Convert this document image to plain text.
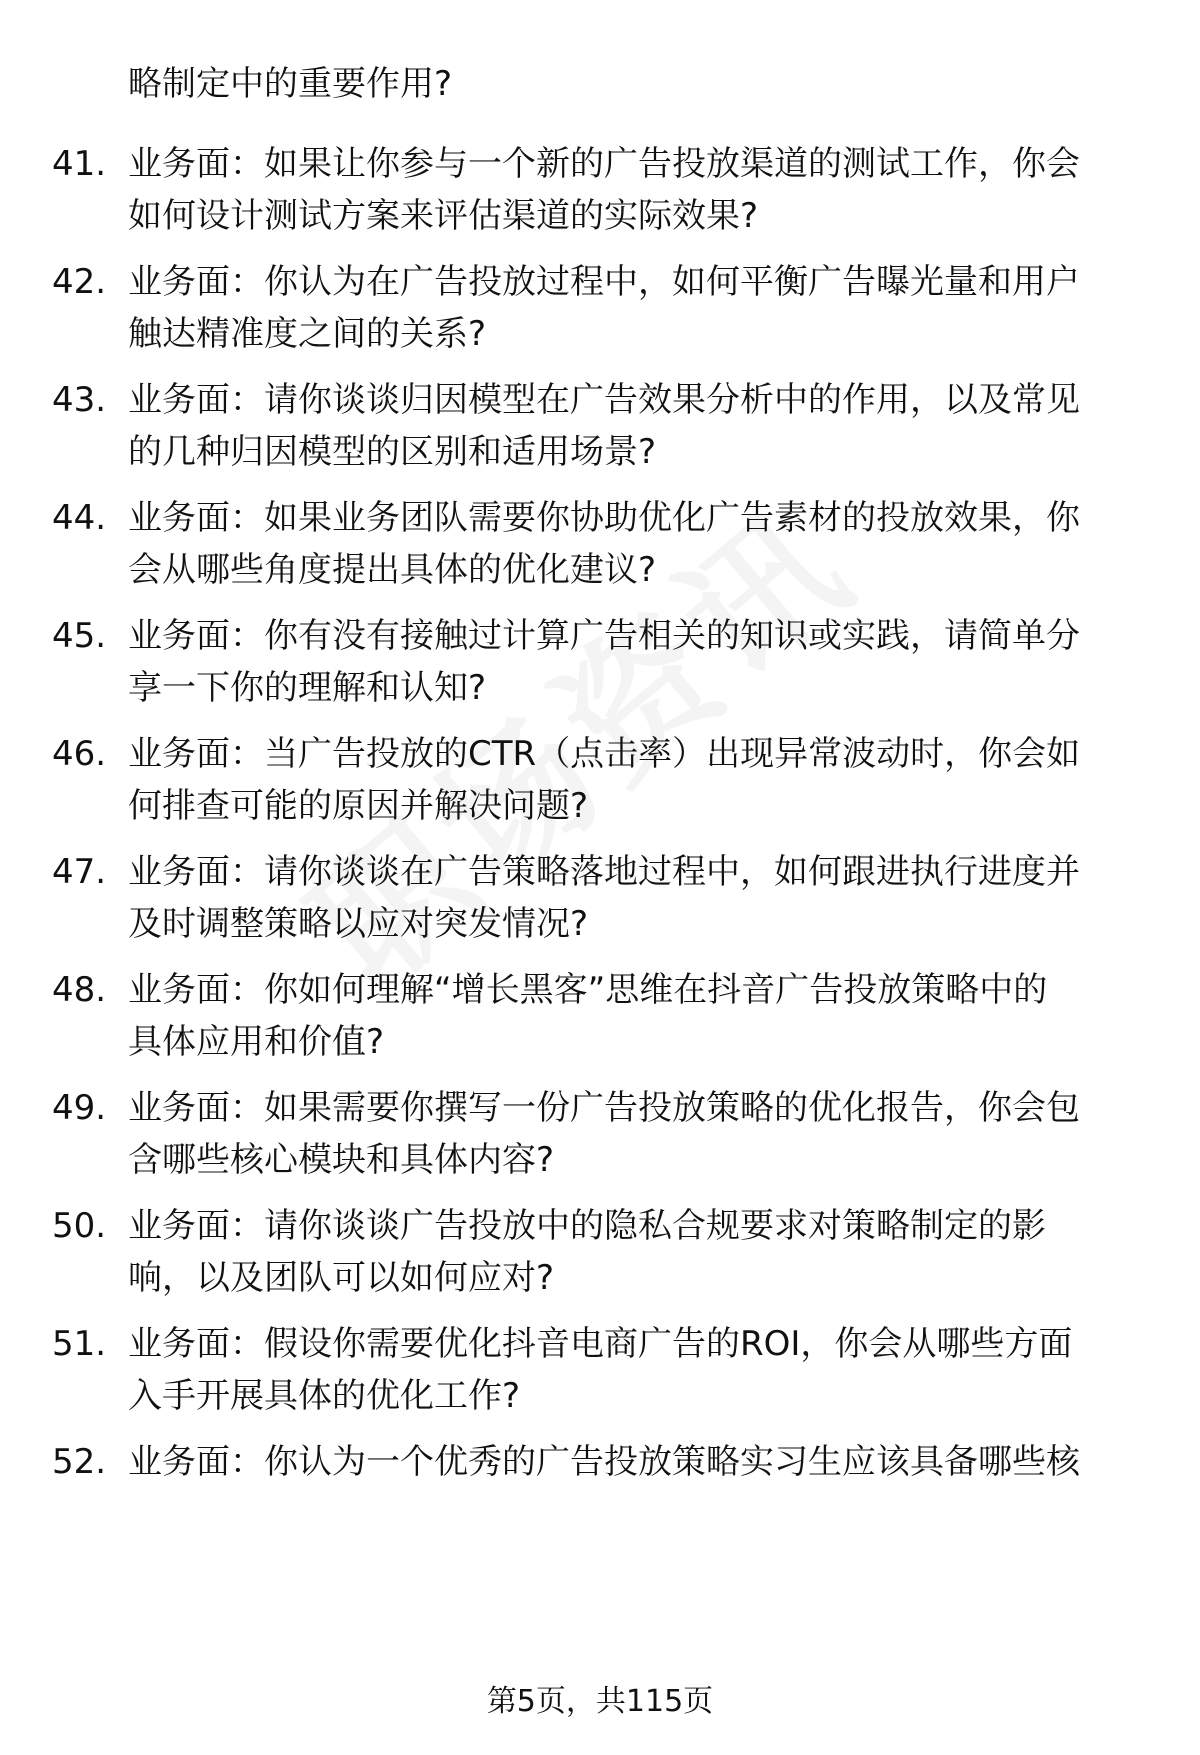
略制定中的重要作用?
41. 业务面：如果让你参与一个新的广告投放渠道的测试工作，你会
如何设计测试方案来评估渠道的实际效果?
42. 业务面：你认为在广告投放过程中，如何平衡广告曝光量和用户
触达精准度之间的关系?
43. 业务面：请你谈谈归因模型在广告效果分析中的作用，以及常见
的几种归因模型的区别和适用场景?
44. 业务面：如果业务团队需要你协助优化广告素材的投放效果，你
会从哪些角度提出具体的优化建议?
45. 业务面：你有没有接触过计算广告相关的知识或实践，请简单分
享一下你的理解和认知?
46. 业务面：当广告投放的CTR（点击率）出现异常波动时，你会如
何排查可能的原因并解决问题?
47. 业务面：请你谈谈在广告策略落地过程中，如何跟进执行进度并
及时调整策略以应对突发情况?
48. 业务面：你如何理解“增长黑客”思维在抖音广告投放策略中的
具体应用和价值?
49. 业务面：如果需要你撰写一份广告投放策略的优化报告，你会包
含哪些核心模块和具体内容?
50. 业务面：请你谈谈广告投放中的隐私合规要求对策略制定的影
响，以及团队可以如何应对?
51. 业务面：假设你需要优化抖音电商广告的ROI，你会从哪些方面
入手开展具体的优化工作?
52. 业务面：你认为一个优秀的广告投放策略实习生应该具备哪些核
第5页，共115页
